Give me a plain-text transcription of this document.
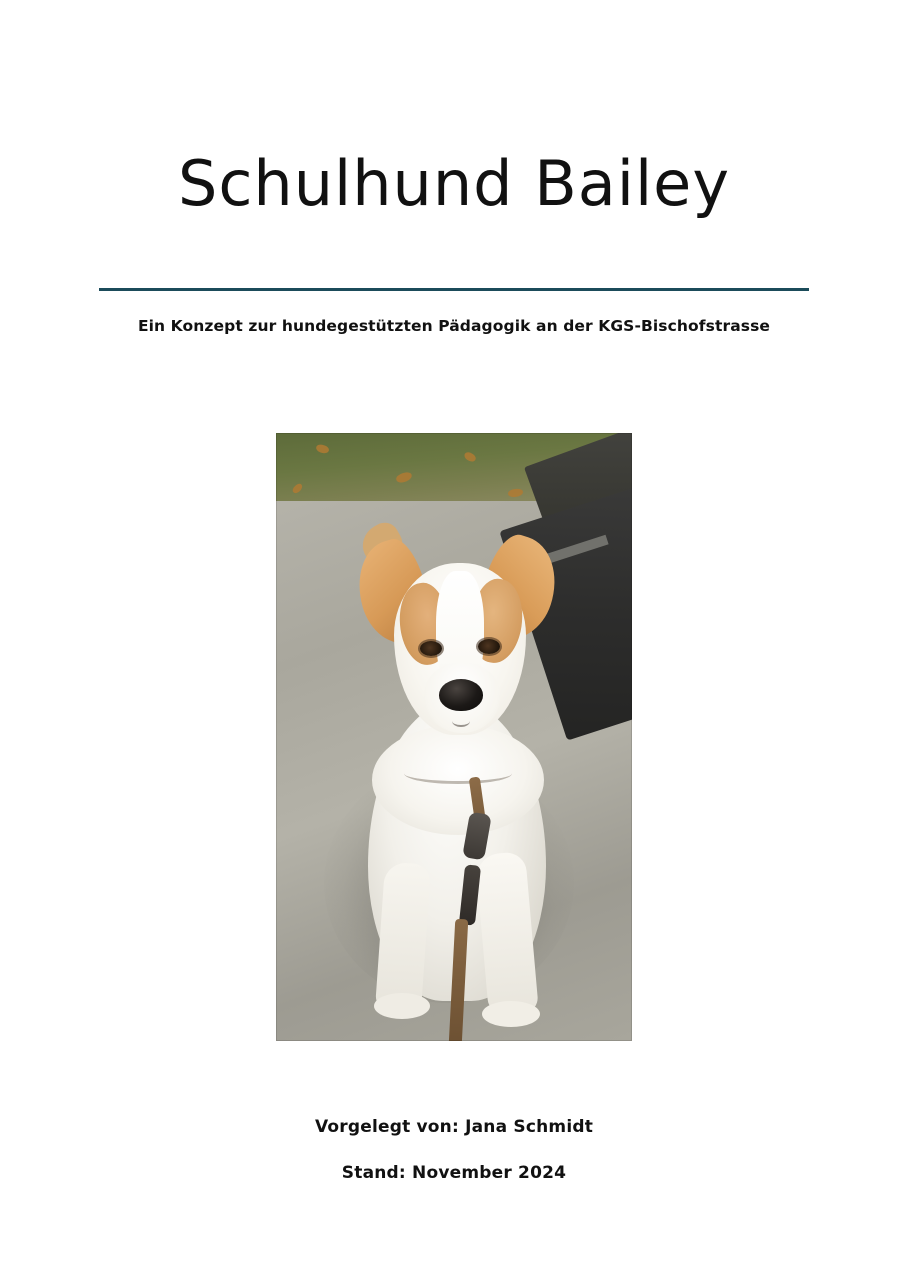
Schulhund Bailey
Ein Konzept zur hundegestützten Pädagogik an der KGS-Bischofstrasse
Vorgelegt von: Jana Schmidt
Stand: November 2024
